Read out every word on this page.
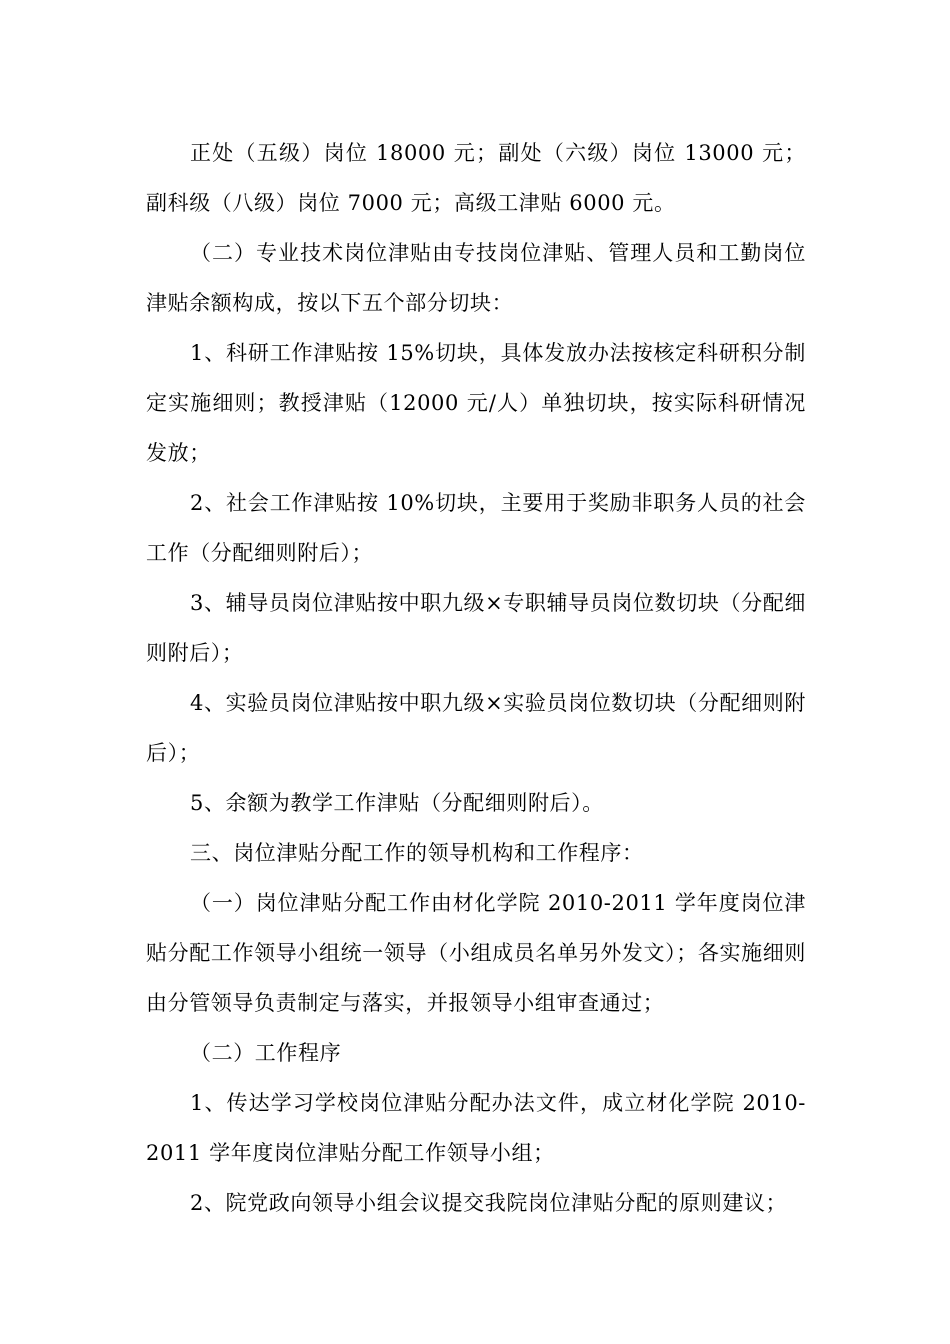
正处（五级）岗位 18000 元；副处（六级）岗位 13000 元；副科级（八级）岗位 7000 元；高级工津贴 6000 元。

（二）专业技术岗位津贴由专技岗位津贴、管理人员和工勤岗位津贴余额构成，按以下五个部分切块：

1、科研工作津贴按 15%切块，具体发放办法按核定科研积分制定实施细则；教授津贴（12000 元/人）单独切块，按实际科研情况发放；

2、社会工作津贴按 10%切块，主要用于奖励非职务人员的社会工作（分配细则附后）；

3、辅导员岗位津贴按中职九级×专职辅导员岗位数切块（分配细则附后）；

4、实验员岗位津贴按中职九级×实验员岗位数切块（分配细则附后）；

5、余额为教学工作津贴（分配细则附后）。

三、岗位津贴分配工作的领导机构和工作程序：

（一）岗位津贴分配工作由材化学院 2010-2011 学年度岗位津贴分配工作领导小组统一领导（小组成员名单另外发文）；各实施细则由分管领导负责制定与落实，并报领导小组审查通过；

（二）工作程序

1、传达学习学校岗位津贴分配办法文件，成立材化学院 2010-2011 学年度岗位津贴分配工作领导小组；

2、院党政向领导小组会议提交我院岗位津贴分配的原则建议；
